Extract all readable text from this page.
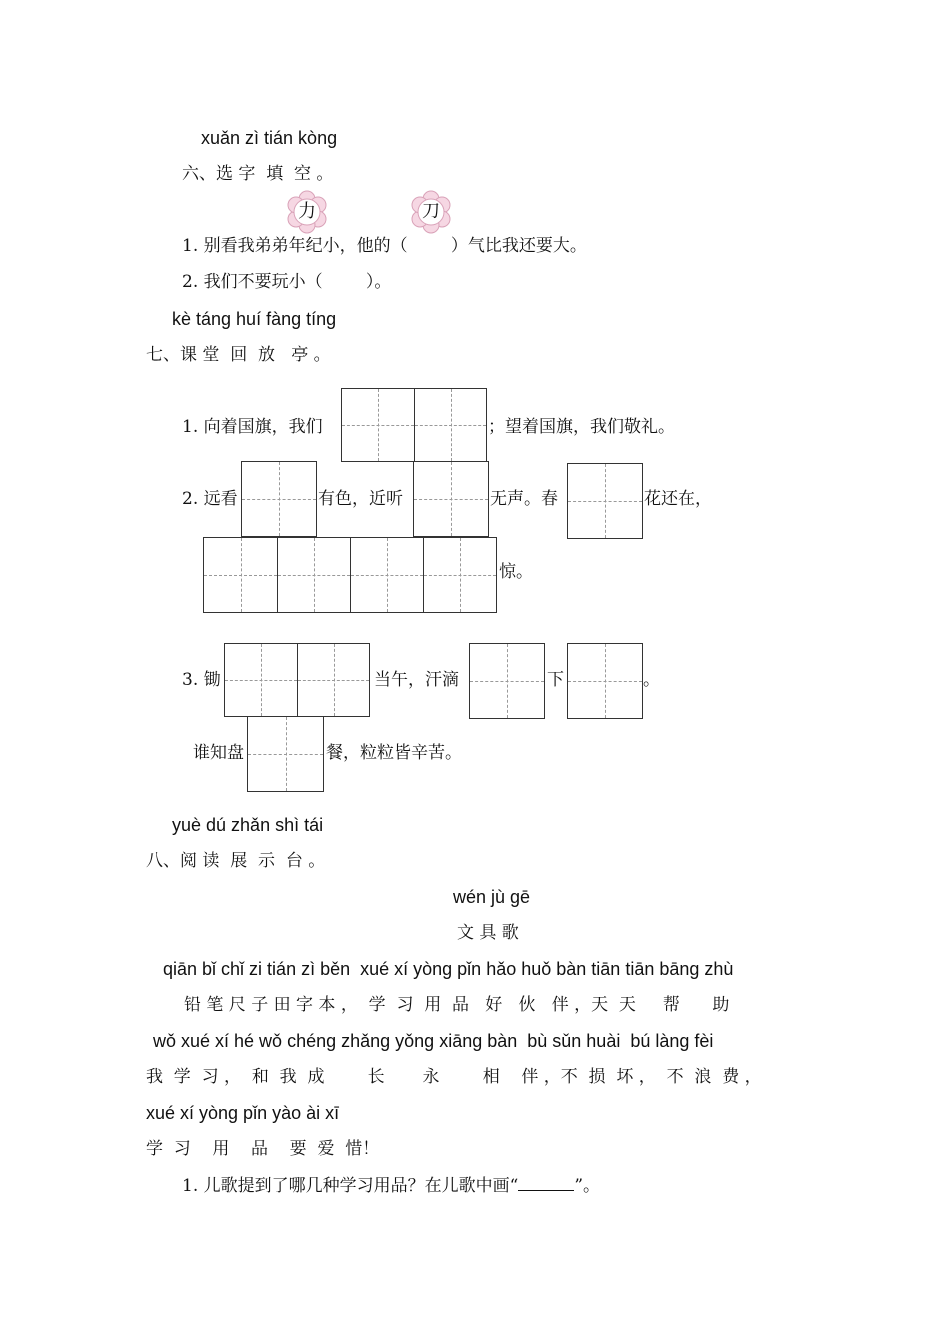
xuǎn zì tián kòng
六、选 字  填  空 。
力	刀
1. 别看我弟弟年纪小，他的（        ）气比我还要大。
2. 我们不要玩小（        ）。
kè táng huí fàng tíng
七、课 堂  回  放   亭 。
1. 向着国旗，我们	；望着国旗，我们敬礼。
2. 远看	有色，近听	无声。春	花还在，
惊。
3. 锄	当午，汗滴	下	。
谁知盘	餐，粒粒皆辛苦。
yuè dú zhǎn shì tái
八、阅 读  展  示  台 。
wén jù gē
文 具 歌
qiān bǐ chǐ zi tián zì běn  xué xí yòng pǐn hǎo huǒ bàn tiān tiān bāng zhù
铅 笔 尺 子 田 字 本 ，  学  习  用  品   好   伙   伴 ，天  天     帮      助
wǒ xué xí hé wǒ chéng zhǎng yǒng xiāng bàn  bù sǔn huài  bú làng fèi
我  学  习 ，  和  我  成        长       永        相    伴 ，不  损  坏 ，  不  浪  费 ，
xué xí yòng pǐn yào ài xī
学  习    用    品    要  爱  惜！
1. 儿歌提到了哪几种学习用品？在儿歌中画“	”。
